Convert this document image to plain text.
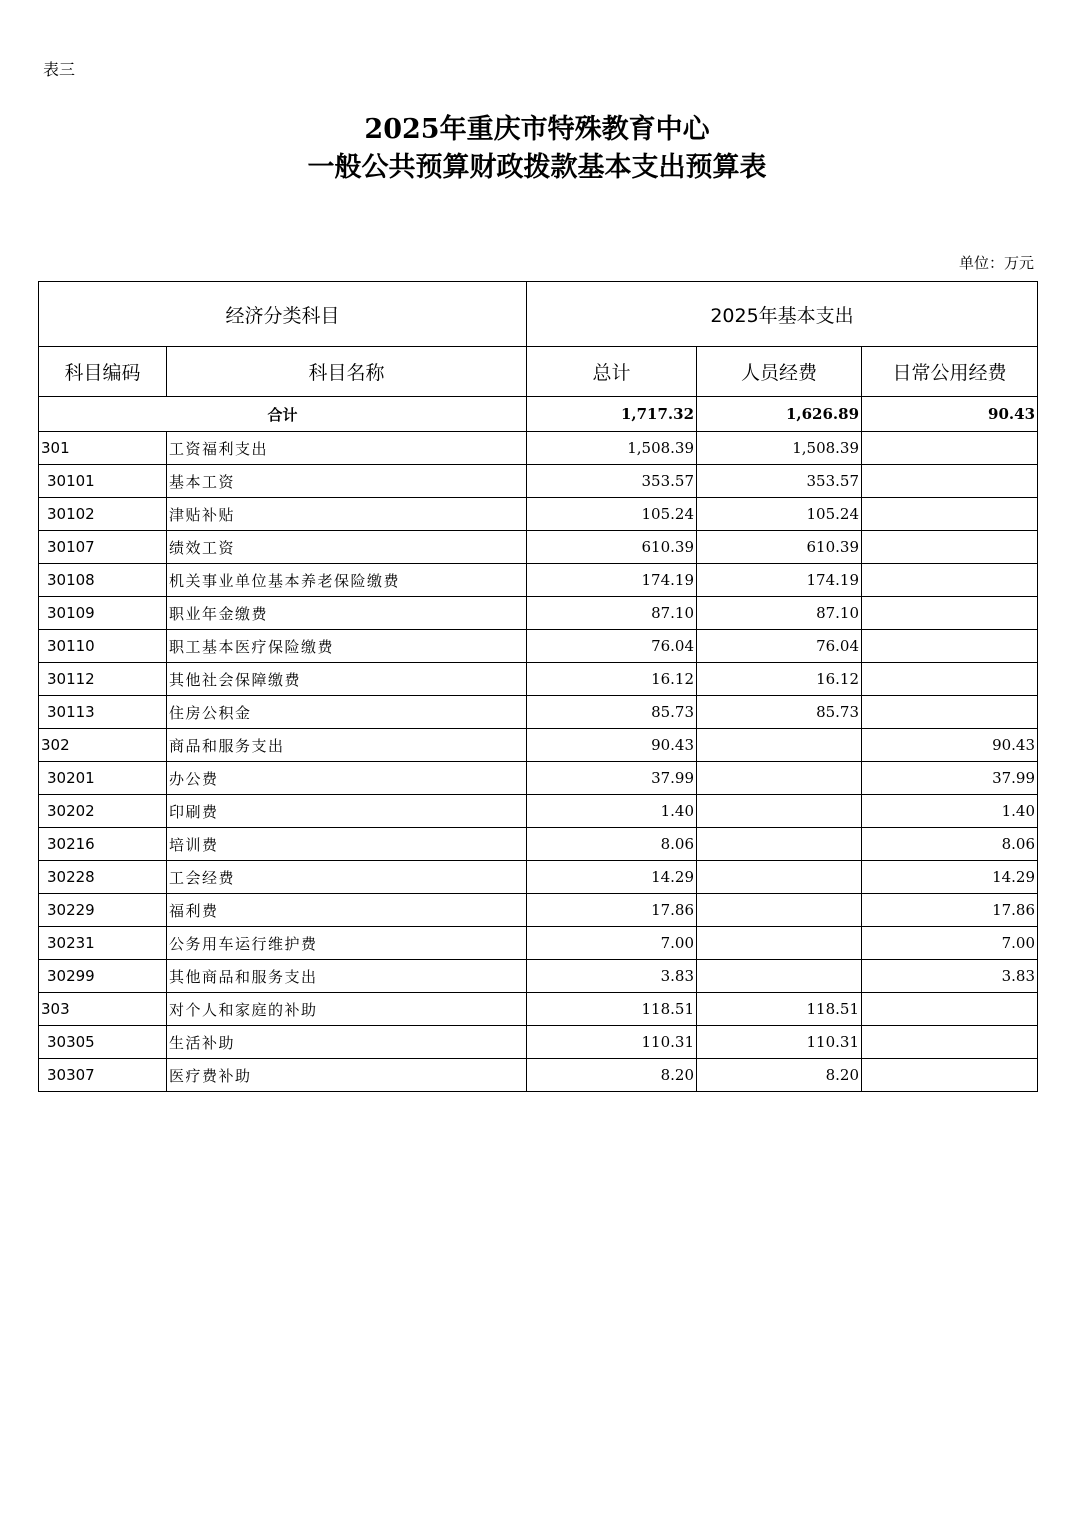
表三
2025年重庆市特殊教育中心
一般公共预算财政拨款基本支出预算表
单位：万元
经济分类科目		2025年基本支出		
科目编码	科目名称	总计	人员经费	日常公用经费
合计		1,717.32	1,626.89	90.43
301	工资福利支出	1,508.39	1,508.39	
30101	基本工资	353.57	353.57	
30102	津贴补贴	105.24	105.24	
30107	绩效工资	610.39	610.39	
30108	机关事业单位基本养老保险缴费	174.19	174.19	
30109	职业年金缴费	87.10	87.10	
30110	职工基本医疗保险缴费	76.04	76.04	
30112	其他社会保障缴费	16.12	16.12	
30113	住房公积金	85.73	85.73	
302	商品和服务支出	90.43		90.43
30201	办公费	37.99		37.99
30202	印刷费	1.40		1.40
30216	培训费	8.06		8.06
30228	工会经费	14.29		14.29
30229	福利费	17.86		17.86
30231	公务用车运行维护费	7.00		7.00
30299	其他商品和服务支出	3.83		3.83
303	对个人和家庭的补助	118.51	118.51	
30305	生活补助	110.31	110.31	
30307	医疗费补助	8.20	8.20	
